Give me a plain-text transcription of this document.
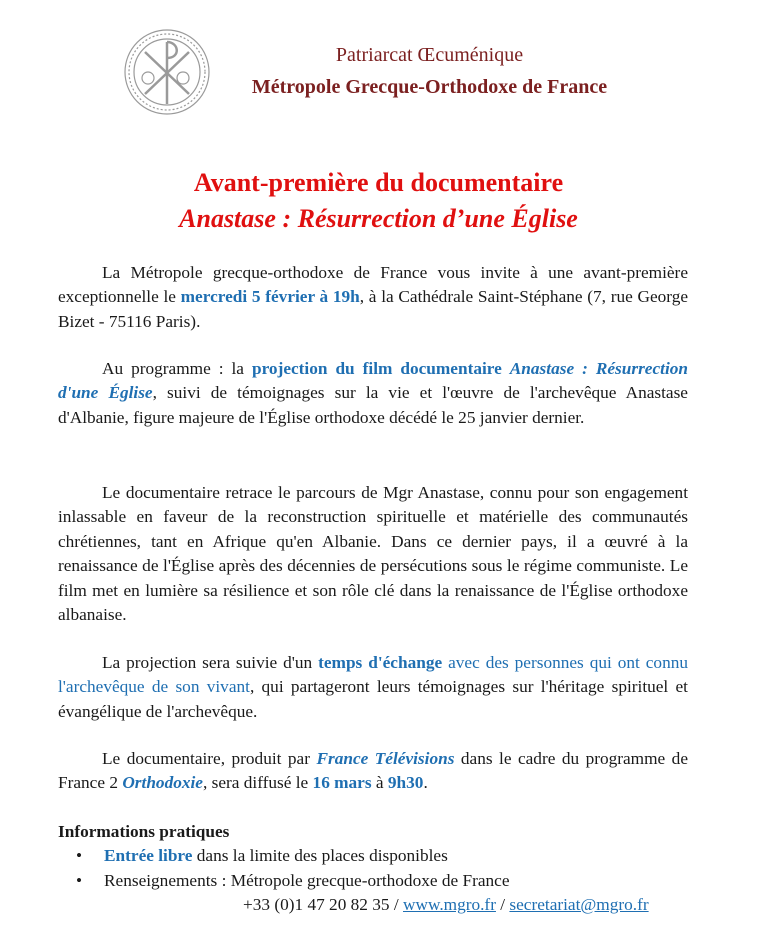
Patriarcat Œcuménique
Métropole Grecque-Orthodoxe de France
Avant-première du documentaire
Anastase : Résurrection d’une Église
La Métropole grecque-orthodoxe de France vous invite à une avant-première exceptionnelle le mercredi 5 février à 19h, à la Cathédrale Saint-Stéphane (7, rue George Bizet - 75116 Paris).
Au programme : la projection du film documentaire Anastase : Résurrection d'une Église, suivi de témoignages sur la vie et l'œuvre de l'archevêque Anastase d'Albanie, figure majeure de l'Église orthodoxe décédé le 25 janvier dernier.
Le documentaire retrace le parcours de Mgr Anastase, connu pour son engagement inlassable en faveur de la reconstruction spirituelle et matérielle des communautés chrétiennes, tant en Afrique qu'en Albanie. Dans ce dernier pays, il a œuvré à la renaissance de l'Église après des décennies de persécutions sous le régime communiste. Le film met en lumière sa résilience et son rôle clé dans la renaissance de l'Église orthodoxe albanaise.
La projection sera suivie d'un temps d'échange avec des personnes qui ont connu l'archevêque de son vivant, qui partageront leurs témoignages sur l'héritage spirituel et évangélique de l'archevêque.
Le documentaire, produit par France Télévisions dans le cadre du programme de France 2 Orthodoxie, sera diffusé le 16 mars à 9h30.
Informations pratiques
• Entrée libre dans la limite des places disponibles
• Renseignements : Métropole grecque-orthodoxe de France
+33 (0)1 47 20 82 35 / www.mgro.fr / secretariat@mgro.fr
